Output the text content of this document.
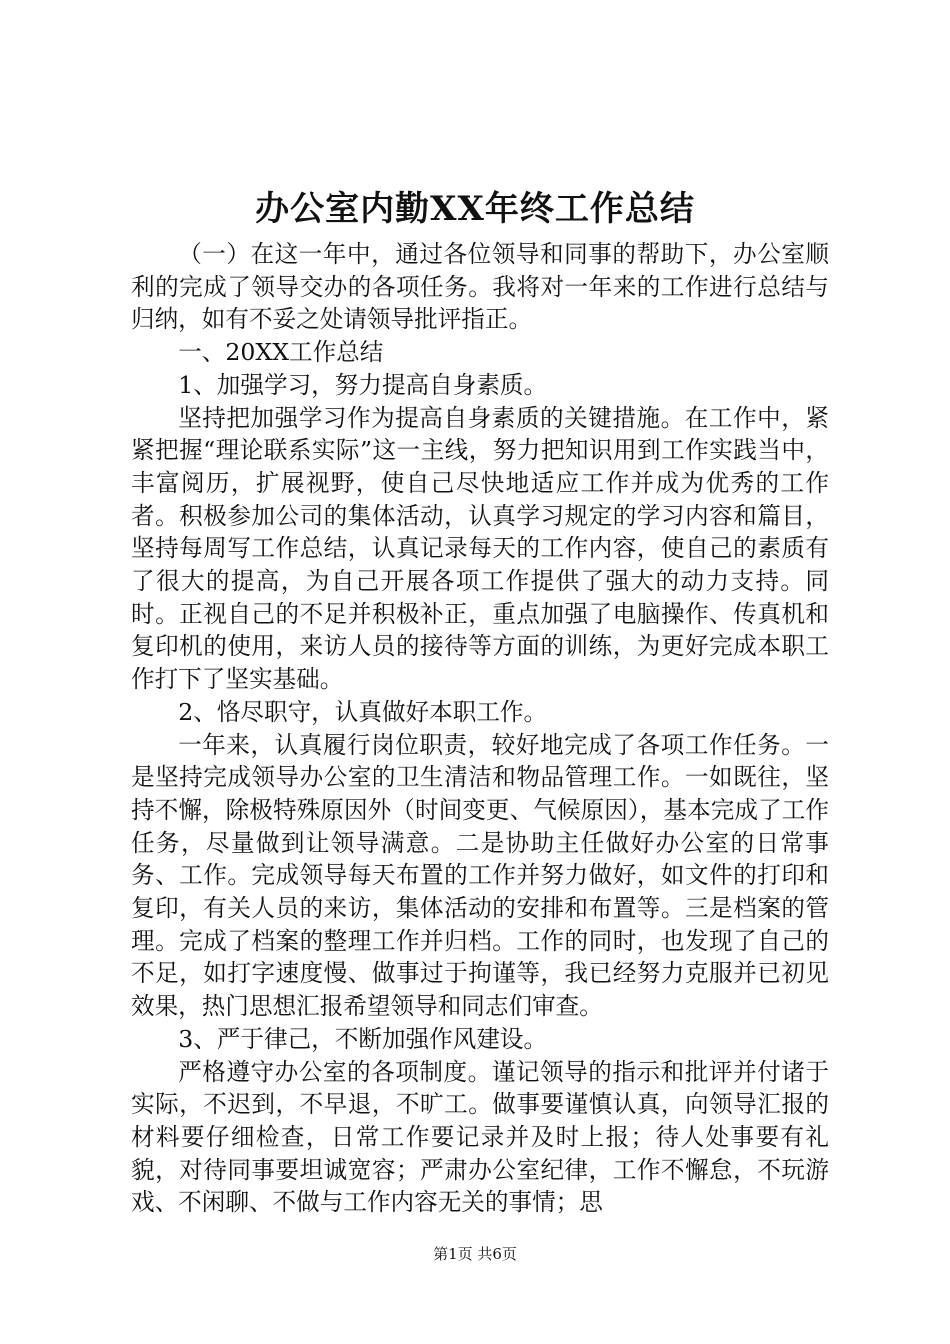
办公室内勤XX年终工作总结

（一）在这一年中，通过各位领导和同事的帮助下，办公室顺利的完成了领导交办的各项任务。我将对一年来的工作进行总结与归纳，如有不妥之处请领导批评指正。

一、20XX工作总结

1、加强学习，努力提高自身素质。

坚持把加强学习作为提高自身素质的关键措施。在工作中，紧紧把握“理论联系实际”这一主线，努力把知识用到工作实践当中，丰富阅历，扩展视野，使自己尽快地适应工作并成为优秀的工作者。积极参加公司的集体活动，认真学习规定的学习内容和篇目，坚持每周写工作总结，认真记录每天的工作内容，使自己的素质有了很大的提高，为自己开展各项工作提供了强大的动力支持。同时。正视自己的不足并积极补正，重点加强了电脑操作、传真机和复印机的使用，来访人员的接待等方面的训练，为更好完成本职工作打下了坚实基础。

2、恪尽职守，认真做好本职工作。

一年来，认真履行岗位职责，较好地完成了各项工作任务。一是坚持完成领导办公室的卫生清洁和物品管理工作。一如既往，坚持不懈，除极特殊原因外（时间变更、气候原因），基本完成了工作任务，尽量做到让领导满意。二是协助主任做好办公室的日常事务、工作。完成领导每天布置的工作并努力做好，如文件的打印和复印，有关人员的来访，集体活动的安排和布置等。三是档案的管理。完成了档案的整理工作并归档。工作的同时，也发现了自己的不足，如打字速度慢、做事过于拘谨等，我已经努力克服并已初见效果，热门思想汇报希望领导和同志们审查。

3、严于律己，不断加强作风建设。

严格遵守办公室的各项制度。谨记领导的指示和批评并付诸于实际，不迟到，不早退，不旷工。做事要谨慎认真，向领导汇报的材料要仔细检查，日常工作要记录并及时上报；待人处事要有礼貌，对待同事要坦诚宽容；严肃办公室纪律，工作不懈怠，不玩游戏、不闲聊、不做与工作内容无关的事情；思

第1页 共6页
